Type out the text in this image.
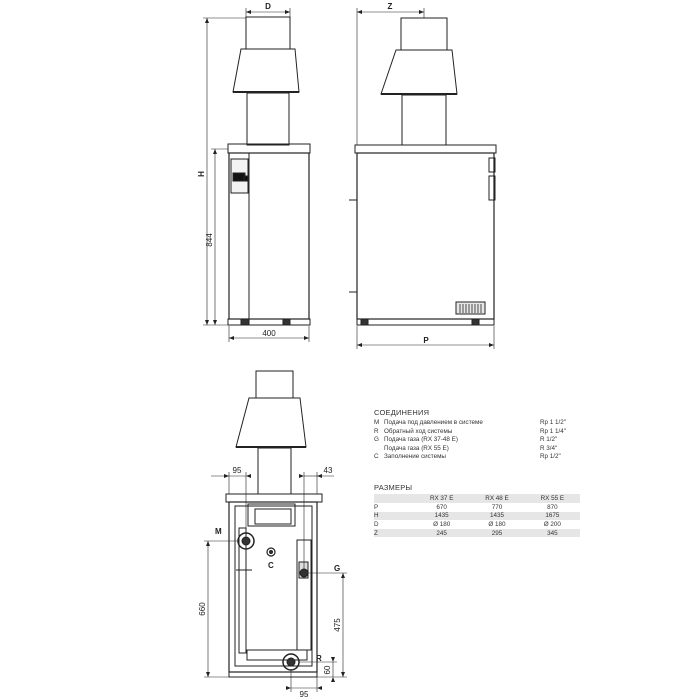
D
H
844
400
Z
P
95	43
660
475
60
95
M
C	G
R
СОЕДИНЕНИЯ
M Подача под давлением в системе	Rp 1 1/2"
R Обратный ход системы	Rp 1 1/4"
G Подача газа (RX 37-48 E)	R 1/2"
Подача газа (RX 55 E)	R 3/4"
C Заполнение системы	Rp 1/2"
РАЗМЕРЫ
	RX 37 E	RX 48 E	RX 55 E
P	670	770	870
H	1435	1435	1675
D	Ø 180	Ø 180	Ø 200
Z	245	295	345
